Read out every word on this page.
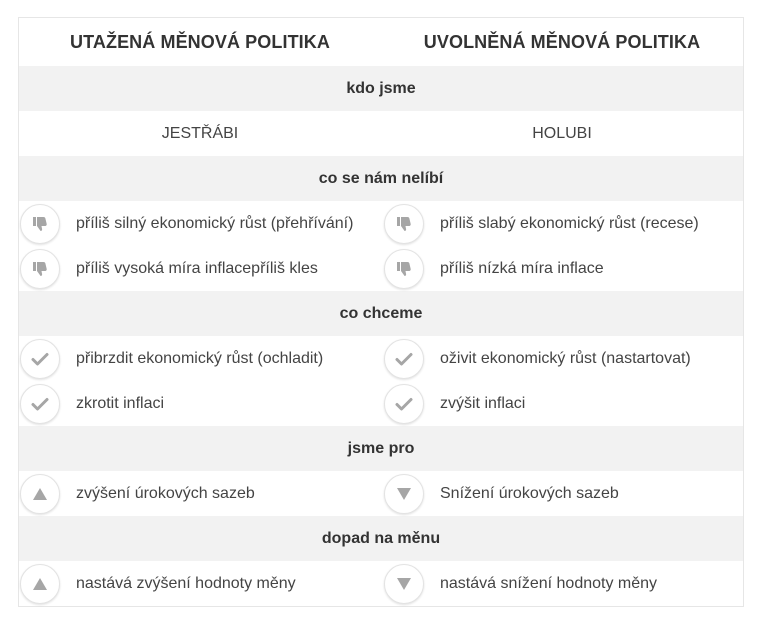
UTAŽENÁ MĚNOVÁ POLITIKA	UVOLNĚNÁ MĚNOVÁ POLITIKA
kdo jsme
JESTŘÁBI	HOLUBI
co se nám nelíbí
příliš silný ekonomický růst (přehřívání)	příliš slabý ekonomický růst (recese)
příliš vysoká míra inflacepříliš kles	příliš nízká míra inflace
co chceme
přibrzdit ekonomický růst (ochladit)	oživit ekonomický růst (nastartovat)
zkrotit inflaci	zvýšit inflaci
jsme pro
zvýšení úrokových sazeb	Snížení úrokových sazeb
dopad na měnu
nastává zvýšení hodnoty měny	nastává snížení hodnoty měny
